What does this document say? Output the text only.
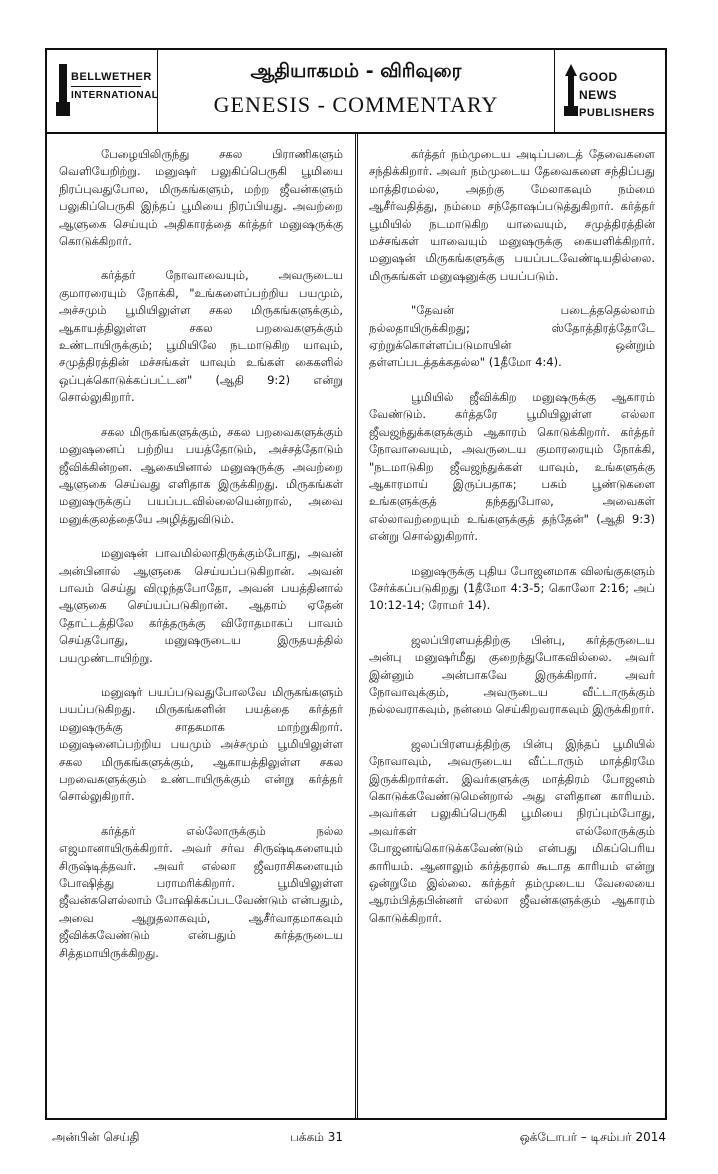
BELLWETHER
INTERNATIONAL
ஆதியாகமம் - விரிவுரை
GENESIS - COMMENTARY
GOOD NEWS
PUBLISHERS

பேழையிலிருந்து சகல பிராணிகளும் வெளியேறிற்று. மனுஷர் பலுகிப்பெருகி பூமியை நிரப்புவதுபோல, மிருகங்களும், மற்ற ஜீவன்களும் பலுகிப்பெருகி இந்தப் பூமியை நிரப்பியது. அவற்றை ஆளுகை செய்யும் அதிகாரத்தை கர்த்தர் மனுஷருக்கு கொடுக்கிறார்.

கர்த்தர் நோவாவையும், அவருடைய குமாரரையும் நோக்கி, "உங்களைப்பற்றிய பயமும், அச்சமும் பூமியிலுள்ள சகல மிருகங்களுக்கும், ஆகாயத்திலுள்ள சகல பறவைகளுக்கும் உண்டாயிருக்கும்; பூமியிலே நடமாடுகிற யாவும், சமுத்திரத்தின் மச்சங்கள் யாவும் உங்கள் கைகளில் ஒப்புக்கொடுக்கப்பட்டன" (ஆதி 9:2) என்று சொல்லுகிறார்.

சகல மிருகங்களுக்கும், சகல பறவைகளுக்கும் மனுஷனைப் பற்றிய பயத்தோடும், அச்சத்தோடும் ஜீவிக்கின்றன. ஆகையினால் மனுஷருக்கு அவற்றை ஆளுகை செய்வது எளிதாக இருக்கிறது. மிருகங்கள் மனுஷருக்குப் பயப்படவில்லையென்றால், அவை மனுக்குலத்தையே அழித்துவிடும்.

மனுஷன் பாவமில்லாதிருக்கும்போது, அவன் அன்பினால் ஆளுகை செய்யப்படுகிறான். அவன் பாவம் செய்து விழுந்தபோதோ, அவன் பயத்தினால் ஆளுகை செய்யப்படுகிறான். ஆதாம் ஏதேன் தோட்டத்திலே கர்த்தருக்கு விரோதமாகப் பாவம் செய்தபோது, மனுஷருடைய இருதயத்தில் பயமுண்டாயிற்று.

மனுஷர் பயப்படுவதுபோலவே மிருகங்களும் பயப்படுகிறது. மிருகங்களின் பயத்தை கர்த்தர் மனுஷருக்கு சாதகமாக மாற்றுகிறார். மனுஷனைப்பற்றிய பயமும் அச்சமும் பூமியிலுள்ள சகல மிருகங்களுக்கும், ஆகாயத்திலுள்ள சகல பறவைகளுக்கும் உண்டாயிருக்கும் என்று கர்த்தர் சொல்லுகிறார்.

கர்த்தர் எல்லோருக்கும் நல்ல எஜமானாயிருக்கிறார். அவர் சர்வ சிருஷ்டிகளையும் சிருஷ்டித்தவர். அவர் எல்லா ஜீவராசிகளையும் போஷித்து பராமரிக்கிறார். பூமியிலுள்ள ஜீவன்களெல்லாம் போஷிக்கப்படவேண்டும் என்பதும், அவை ஆறுதலாகவும், ஆசீர்வாதமாகவும் ஜீவிக்கவேண்டும் என்பதும் கர்த்தருடைய சித்தமாயிருக்கிறது.

கர்த்தர் நம்முடைய அடிப்படைத் தேவைகளை சந்திக்கிறார். அவர் நம்முடைய தேவைகளை சந்திப்பது மாத்திரமல்ல, அதற்கு மேலாகவும் நம்மை ஆசீர்வதித்து, நம்மை சந்தோஷப்படுத்துகிறார். கர்த்தர் பூமியில் நடமாடுகிற யாவையும், சமுத்திரத்தின் மச்சங்கள் யாவையும் மனுஷருக்கு கையளிக்கிறார். மனுஷன் மிருகங்களுக்கு பயப்படவேண்டியதில்லை. மிருகங்கள் மனுஷனுக்கு பயப்படும்.

"தேவன் படைத்ததெல்லாம் நல்லதாயிருக்கிறது; ஸ்தோத்திரத்தோடே ஏற்றுக்கொள்ளப்படுமாயின் ஒன்றும் தள்ளப்படத்தக்கதல்ல" (1தீமோ 4:4).

பூமியில் ஜீவிக்கிற மனுஷருக்கு ஆகாரம் வேண்டும். கர்த்தரே பூமியிலுள்ள எல்லா ஜீவஜந்துக்களுக்கும் ஆகாரம் கொடுக்கிறார். கர்த்தர் நோவாவையும், அவருடைய குமாரரையும் நோக்கி, "நடமாடுகிற ஜீவஜந்துக்கள் யாவும், உங்களுக்கு ஆகாரமாய் இருப்பதாக; பசும் பூண்டுகளை உங்களுக்குத் தந்ததுபோல, அவைகள் எல்லாவற்றையும் உங்களுக்குத் தந்தேன்" (ஆதி 9:3) என்று சொல்லுகிறார்.

மனுஷருக்கு புதிய போஜனமாக விலங்குகளும் சேர்க்கப்படுகிறது (1தீமோ 4:3-5; கொலோ 2:16; அப் 10:12-14; ரோமர் 14).

ஜலப்பிரளயத்திற்கு பின்பு, கர்த்தருடைய அன்பு மனுஷர்மீது குறைந்துபோகவில்லை. அவர் இன்னும் அன்பாகவே இருக்கிறார். அவர் நோவாவுக்கும், அவருடைய வீட்டாருக்கும் நல்லவராகவும், நன்மை செய்கிறவராகவும் இருக்கிறார்.

ஜலப்பிரளயத்திற்கு பின்பு இந்தப் பூமியில் நோவாவும், அவருடைய வீட்டாரும் மாத்திரமே இருக்கிறார்கள். இவர்களுக்கு மாத்திரம் போஜனம் கொடுக்கவேண்டுமென்றால் அது எளிதான காரியம். அவர்கள் பலுகிப்பெருகி பூமியை நிரப்பும்போது, அவர்கள் எல்லோருக்கும் போஜனங்கொடுக்கவேண்டும் என்பது மிகப்பெரிய காரியம். ஆனாலும் கர்த்தரால் கூடாத காரியம் என்று ஒன்றுமே இல்லை. கர்த்தர் தம்முடைய வேலையை ஆரம்பித்தபின்னர் எல்லா ஜீவன்களுக்கும் ஆகாரம் கொடுக்கிறார்.

அன்பின் செய்தி	பக்கம் 31	ஒக்டோபர் – டிசம்பர் 2014
